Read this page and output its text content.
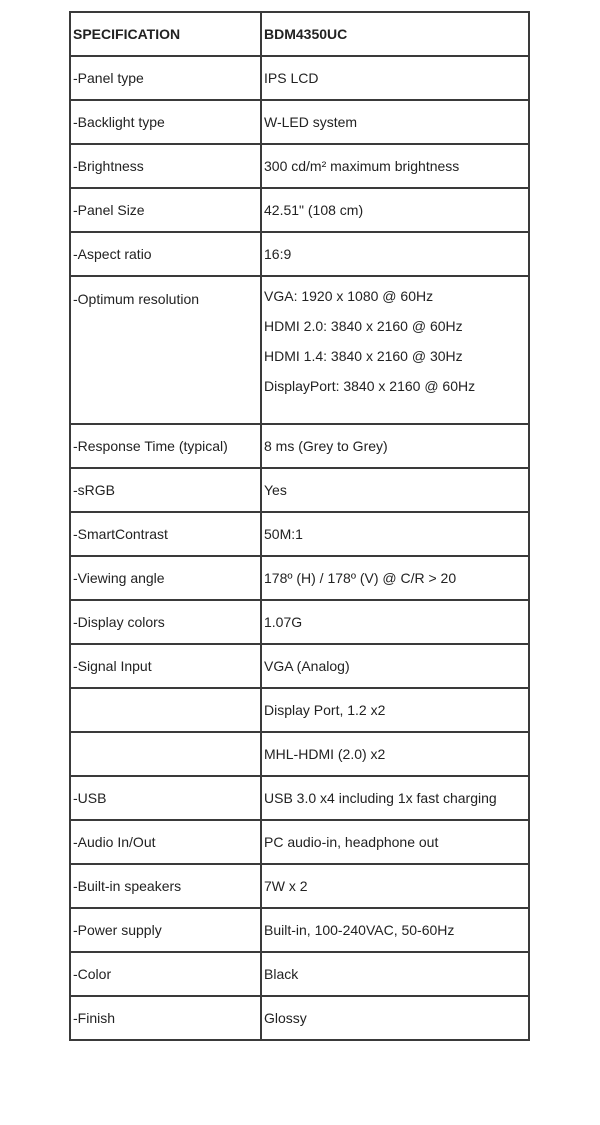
SPECIFICATION	BDM4350UC
-Panel type	IPS LCD
-Backlight type	W-LED system
-Brightness	300 cd/m² maximum brightness
-Panel Size	42.51" (108 cm)
-Aspect ratio	16:9
-Optimum resolution	VGA: 1920 x 1080 @ 60Hz
HDMI 2.0: 3840 x 2160 @ 60Hz
HDMI 1.4: 3840 x 2160 @ 30Hz
DisplayPort: 3840 x 2160 @ 60Hz

-Response Time (typical)	8 ms (Grey to Grey)
-sRGB	Yes
-SmartContrast	50M:1
-Viewing angle	178º (H) / 178º (V) @ C/R > 20
-Display colors	1.07G
-Signal Input	VGA (Analog)
	Display Port, 1.2 x2
	MHL-HDMI (2.0) x2
-USB	USB 3.0 x4 including 1x fast charging
-Audio In/Out	PC audio-in, headphone out
-Built-in speakers	7W x 2
-Power supply	Built-in, 100-240VAC, 50-60Hz
-Color	Black
-Finish	Glossy
